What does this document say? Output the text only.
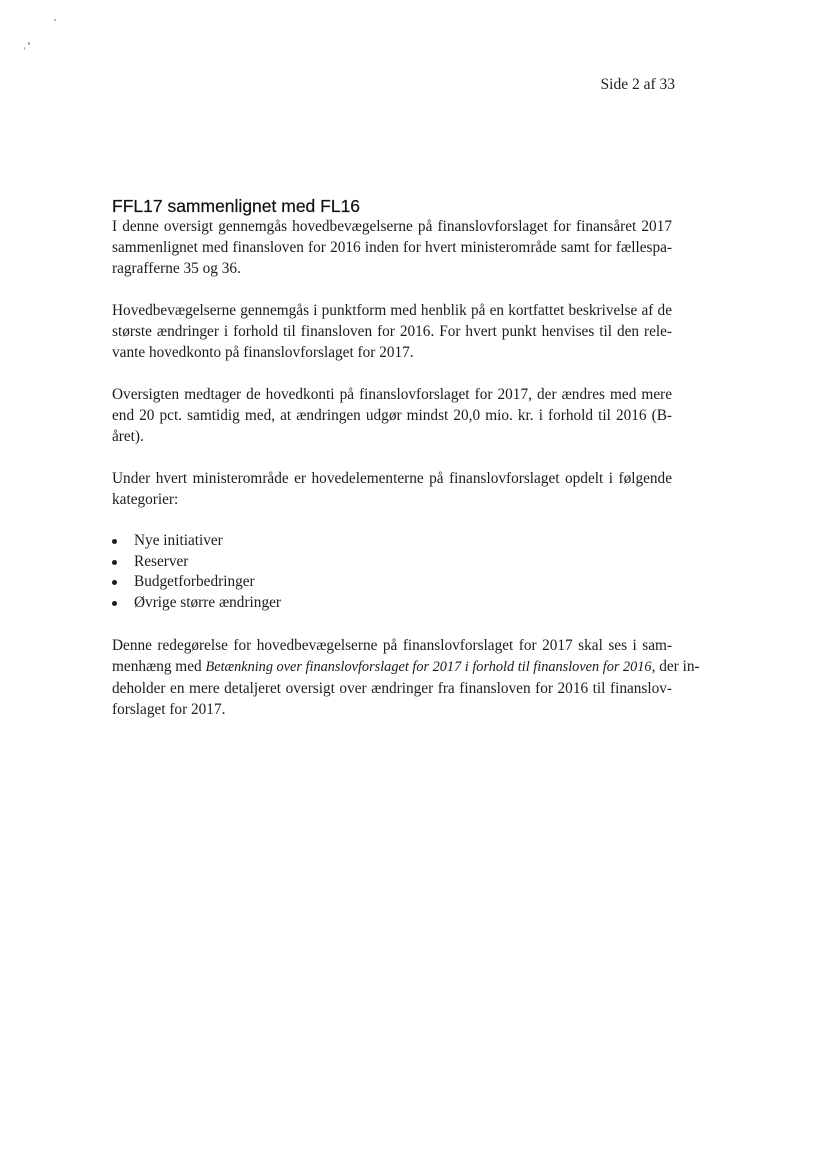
Side 2 af 33
FFL17 sammenlignet med FL16

I denne oversigt gennemgås hovedbevægelserne på finanslovforslaget for finansåret 2017
sammenlignet med finansloven for 2016 inden for hvert ministerområde samt for fællespa-
ragrafferne 35 og 36.

Hovedbevægelserne gennemgås i punktform med henblik på en kortfattet beskrivelse af de
største ændringer i forhold til finansloven for 2016. For hvert punkt henvises til den rele-
vante hovedkonto på finanslovforslaget for 2017.

Oversigten medtager de hovedkonti på finanslovforslaget for 2017, der ændres med mere
end 20 pct. samtidig med, at ændringen udgør mindst 20,0 mio. kr. i forhold til 2016 (B-
året).

Under hvert ministerområde er hovedelementerne på finanslovforslaget opdelt i følgende
kategorier:

Nye initiativer
Reserver
Budgetforbedringer
Øvrige større ændringer

Denne redegørelse for hovedbevægelserne på finanslovforslaget for 2017 skal ses i sam-
menhæng med Betænkning over finanslovforslaget for 2017 i forhold til finansloven for 2016, der in-
deholder en mere detaljeret oversigt over ændringer fra finansloven for 2016 til finanslov-
forslaget for 2017.
